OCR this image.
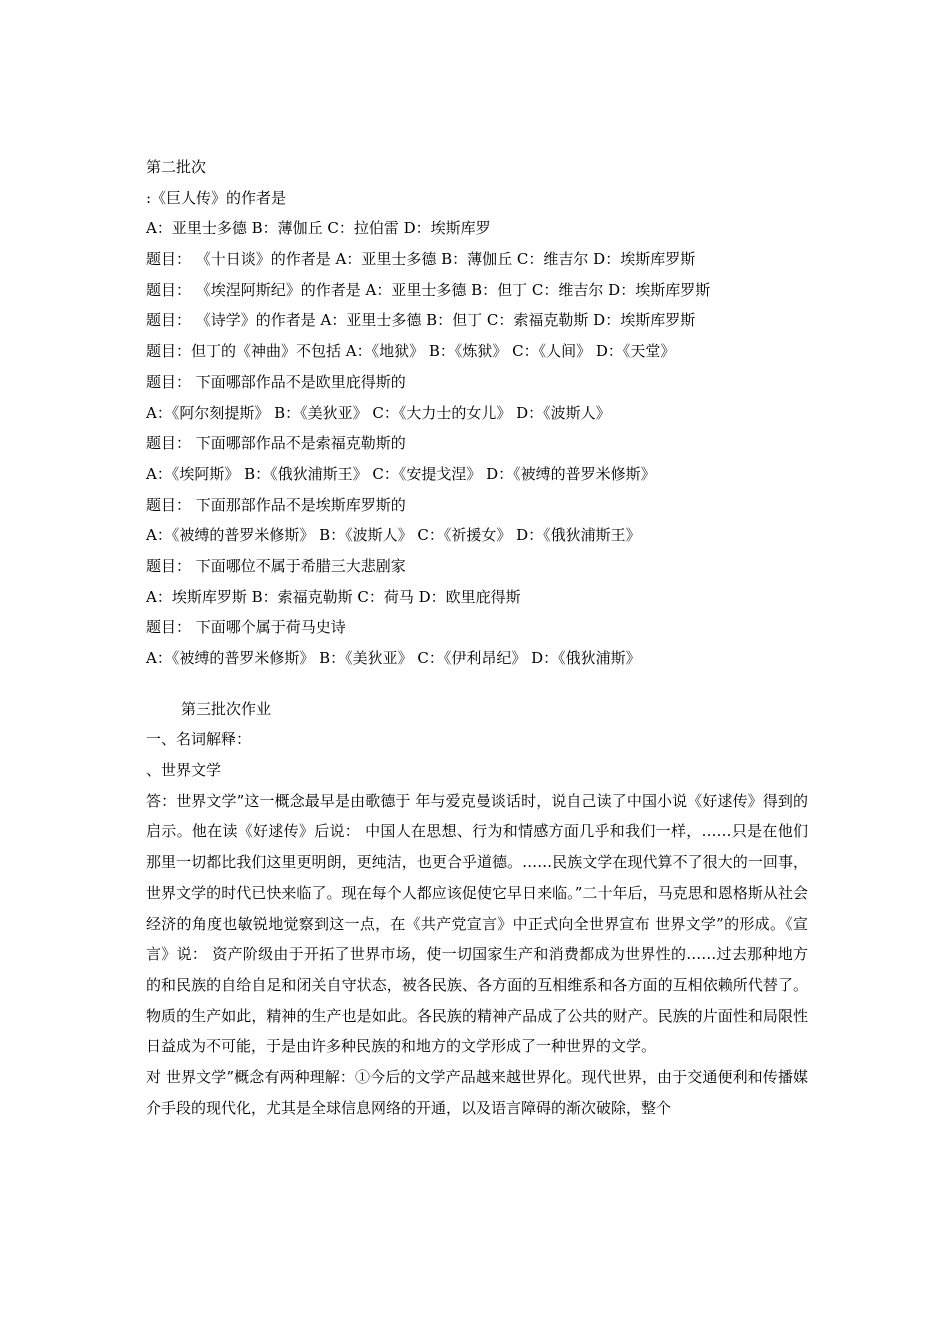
第二批次
:《巨人传》的作者是
A：亚里士多德 B：薄伽丘 C：拉伯雷 D：埃斯库罗
题目： 《十日谈》的作者是 A：亚里士多德 B：薄伽丘 C：维吉尔 D：埃斯库罗斯
题目： 《埃涅阿斯纪》的作者是 A：亚里士多德 B：但丁 C：维吉尔 D：埃斯库罗斯
题目： 《诗学》的作者是 A：亚里士多德 B：但丁 C：索福克勒斯 D：埃斯库罗斯
题目：但丁的《神曲》不包括 A：《地狱》 B：《炼狱》 C：《人间》 D：《天堂》
题目： 下面哪部作品不是欧里庇得斯的
A：《阿尔刻提斯》 B：《美狄亚》 C：《大力士的女儿》 D：《波斯人》
题目： 下面哪部作品不是索福克勒斯的
A：《埃阿斯》 B：《俄狄浦斯王》 C：《安提戈涅》 D：《被缚的普罗米修斯》
题目： 下面那部作品不是埃斯库罗斯的
A：《被缚的普罗米修斯》 B：《波斯人》 C：《祈援女》 D：《俄狄浦斯王》
题目： 下面哪位不属于希腊三大悲剧家
A：埃斯库罗斯 B：索福克勒斯 C：荷马 D：欧里庇得斯
题目： 下面哪个属于荷马史诗
A：《被缚的普罗米修斯》 B：《美狄亚》 C：《伊利昂纪》 D：《俄狄浦斯》
第三批次作业
一、名词解释：
、世界文学

答：世界文学”这一概念最早是由歌德于 年与爱克曼谈话时，说自己读了中国小说《好逑传》得到的启示。他在读《好逑传》后说： 中国人在思想、行为和情感方面几乎和我们一样，……只是在他们那里一切都比我们这里更明朗，更纯洁，也更合乎道德。……民族文学在现代算不了很大的一回事，世界文学的时代已快来临了。现在每个人都应该促使它早日来临。”二十年后，马克思和恩格斯从社会经济的角度也敏锐地觉察到这一点，在《共产党宣言》中正式向全世界宣布 世界文学”的形成。《宣言》说： 资产阶级由于开拓了世界市场，使一切国家生产和消费都成为世界性的……过去那种地方的和民族的自给自足和闭关自守状态，被各民族、各方面的互相维系和各方面的互相依赖所代替了。物质的生产如此，精神的生产也是如此。各民族的精神产品成了公共的财产。民族的片面性和局限性日益成为不可能，于是由许多种民族的和地方的文学形成了一种世界的文学。

对 世界文学”概念有两种理解：①今后的文学产品越来越世界化。现代世界，由于交通便利和传播媒介手段的现代化，尤其是全球信息网络的开通，以及语言障碍的渐次破除，整个
